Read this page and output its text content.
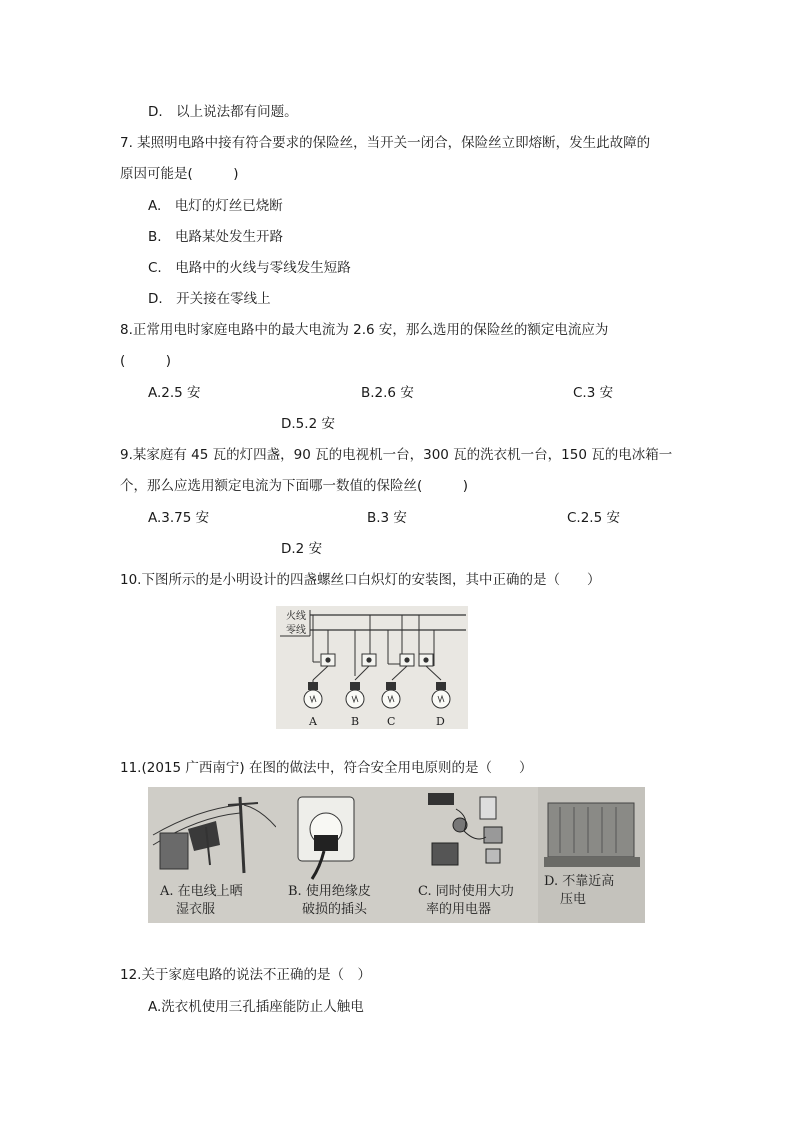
D.　以上说法都有问题。
7. 某照明电路中接有符合要求的保险丝，当开关一闭合，保险丝立即熔断，发生此故障的
原因可能是(　　　)
A.　电灯的灯丝已烧断
B.　电路某处发生开路
C.　电路中的火线与零线发生短路
D.　开关接在零线上
8.正常用电时家庭电路中的最大电流为 2.6 安，那么选用的保险丝的额定电流应为
(　　　)
A.2.5 安	B.2.6 安	C.3 安
D.5.2 安
9.某家庭有 45 瓦的灯四盏，90 瓦的电视机一台，300 瓦的洗衣机一台，150 瓦的电冰箱一
个，那么应选用额定电流为下面哪一数值的保险丝(　　　)
A.3.75 安	B.3 安	C.2.5 安
D.2 安
10.下图所示的是小明设计的四盏螺丝口白炽灯的安装图，其中正确的是（　　）
火线
零线
A	B	C	D
11.(2015 广西南宁) 在图的做法中，符合安全用电原则的是（　　）
A. 在电线上晒
湿衣服
B. 使用绝缘皮
破损的插头
C. 同时使用大功
率的用电器
D. 不靠近高
压电
12.关于家庭电路的说法不正确的是（　）
A.洗衣机使用三孔插座能防止人触电
